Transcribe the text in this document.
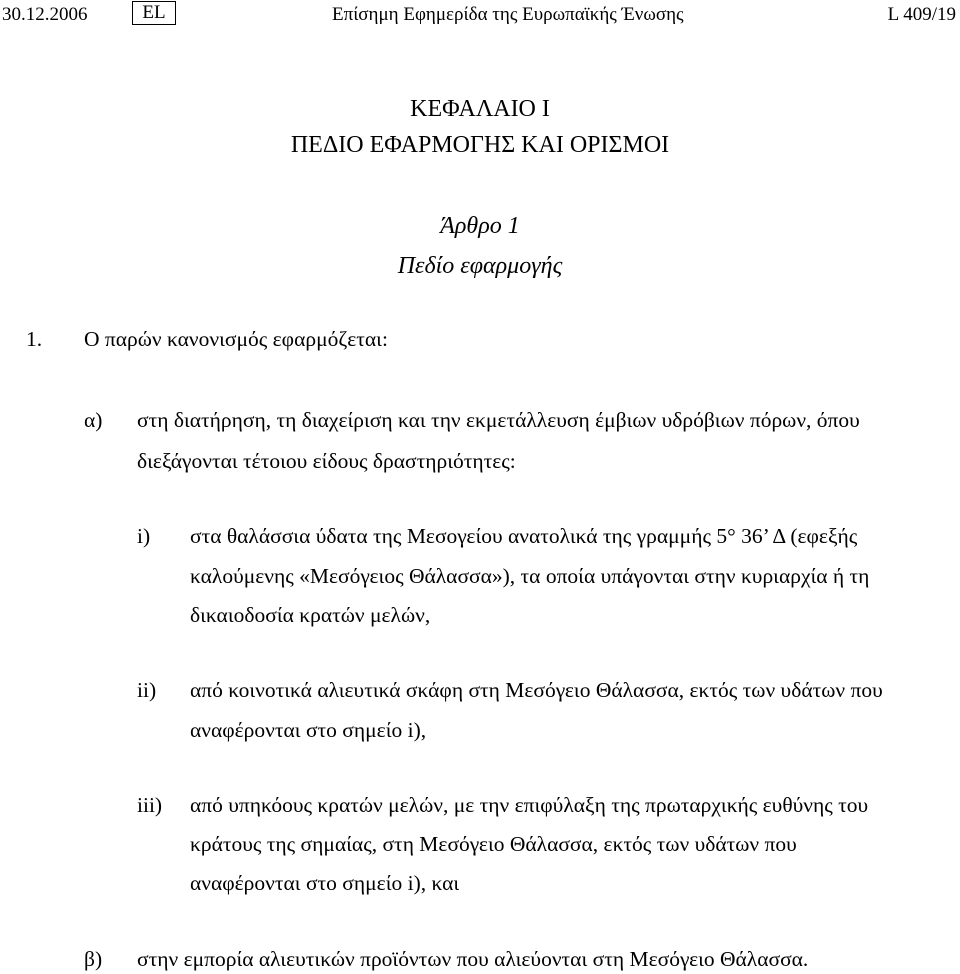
30.12.2006	EL	Επίσημη Εφημερίδα της Ευρωπαϊκής Ένωσης	L 409/19
ΚΕΦΑΛΑΙΟ I
ΠΕΔΙΟ ΕΦΑΡΜΟΓΗΣ ΚΑΙ ΟΡΙΣΜΟΙ
Άρθρο 1
Πεδίο εφαρμογής
1. Ο παρών κανονισμός εφαρμόζεται:
α) στη διατήρηση, τη διαχείριση και την εκμετάλλευση έμβιων υδρόβιων πόρων, όπου
διεξάγονται τέτοιου είδους δραστηριότητες:
i) στα θαλάσσια ύδατα της Μεσογείου ανατολικά της γραμμής 5° 36’ Δ (εφεξής
καλούμενης «Μεσόγειος Θάλασσα»), τα οποία υπάγονται στην κυριαρχία ή τη
δικαιοδοσία κρατών μελών,
ii) από κοινοτικά αλιευτικά σκάφη στη Μεσόγειο Θάλασσα, εκτός των υδάτων που
αναφέρονται στο σημείο i),
iii) από υπηκόους κρατών μελών, με την επιφύλαξη της πρωταρχικής ευθύνης του
κράτους της σημαίας, στη Μεσόγειο Θάλασσα, εκτός των υδάτων που
αναφέρονται στο σημείο i), και
β) στην εμπορία αλιευτικών προϊόντων που αλιεύονται στη Μεσόγειο Θάλασσα.
